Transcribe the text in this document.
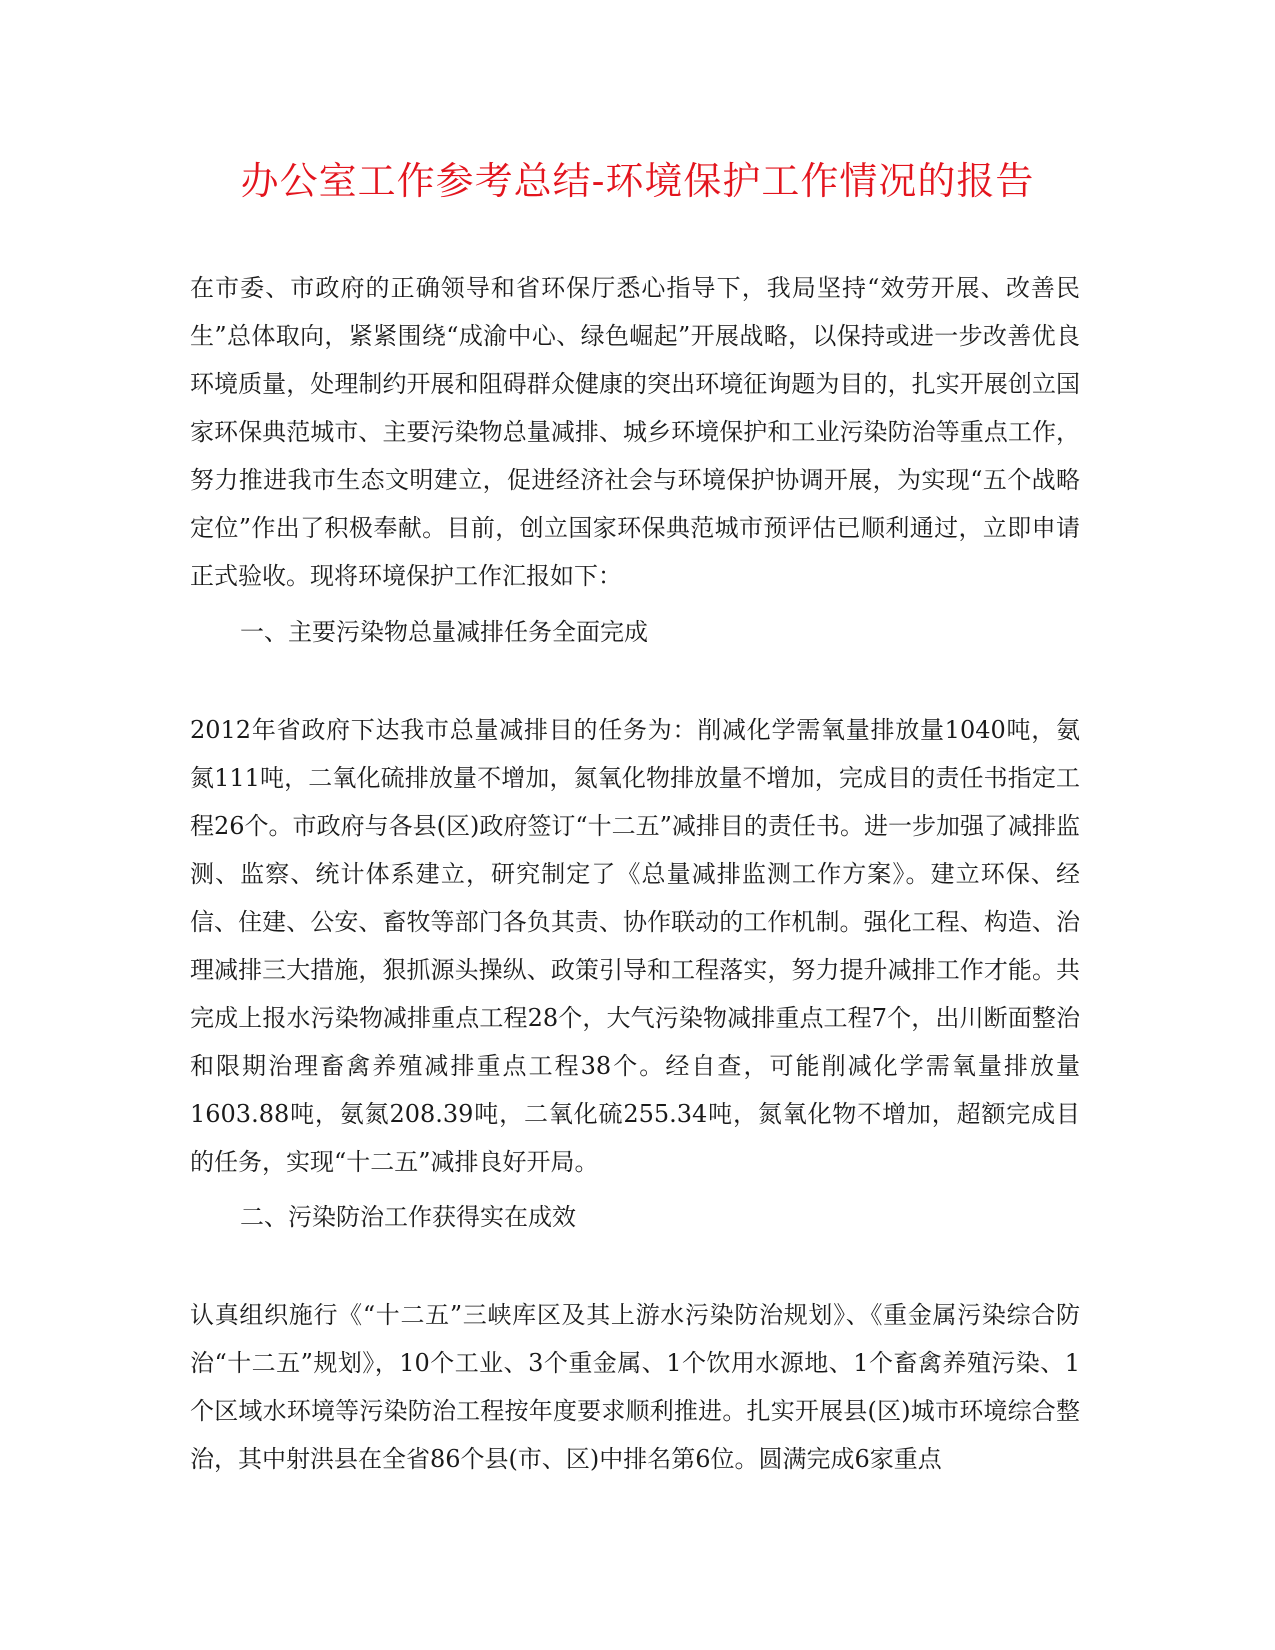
办公室工作参考总结-环境保护工作情况的报告

在市委、市政府的正确领导和省环保厅悉心指导下，我局坚持“效劳开展、改善民生”总体取向，紧紧围绕“成渝中心、绿色崛起”开展战略，以保持或进一步改善优良环境质量，处理制约开展和阻碍群众健康的突出环境征询题为目的，扎实开展创立国家环保典范城市、主要污染物总量减排、城乡环境保护和工业污染防治等重点工作，努力推进我市生态文明建立，促进经济社会与环境保护协调开展，为实现“五个战略定位”作出了积极奉献。目前，创立国家环保典范城市预评估已顺利通过，立即申请正式验收。现将环境保护工作汇报如下：

一、主要污染物总量减排任务全面完成

2012年省政府下达我市总量减排目的任务为：削减化学需氧量排放量1040吨，氨氮111吨，二氧化硫排放量不增加，氮氧化物排放量不增加，完成目的责任书指定工程26个。市政府与各县(区)政府签订“十二五”减排目的责任书。进一步加强了减排监测、监察、统计体系建立，研究制定了《总量减排监测工作方案》。建立环保、经信、住建、公安、畜牧等部门各负其责、协作联动的工作机制。强化工程、构造、治理减排三大措施，狠抓源头操纵、政策引导和工程落实，努力提升减排工作才能。共完成上报水污染物减排重点工程28个，大气污染物减排重点工程7个，出川断面整治和限期治理畜禽养殖减排重点工程38个。经自查，可能削减化学需氧量排放量1603.88吨，氨氮208.39吨，二氧化硫255.34吨，氮氧化物不增加，超额完成目的任务，实现“十二五”减排良好开局。

二、污染防治工作获得实在成效

认真组织施行《“十二五”三峡库区及其上游水污染防治规划》、《重金属污染综合防治“十二五”规划》，10个工业、3个重金属、1个饮用水源地、1个畜禽养殖污染、1个区域水环境等污染防治工程按年度要求顺利推进。扎实开展县(区)城市环境综合整治，其中射洪县在全省86个县(市、区)中排名第6位。圆满完成6家重点
